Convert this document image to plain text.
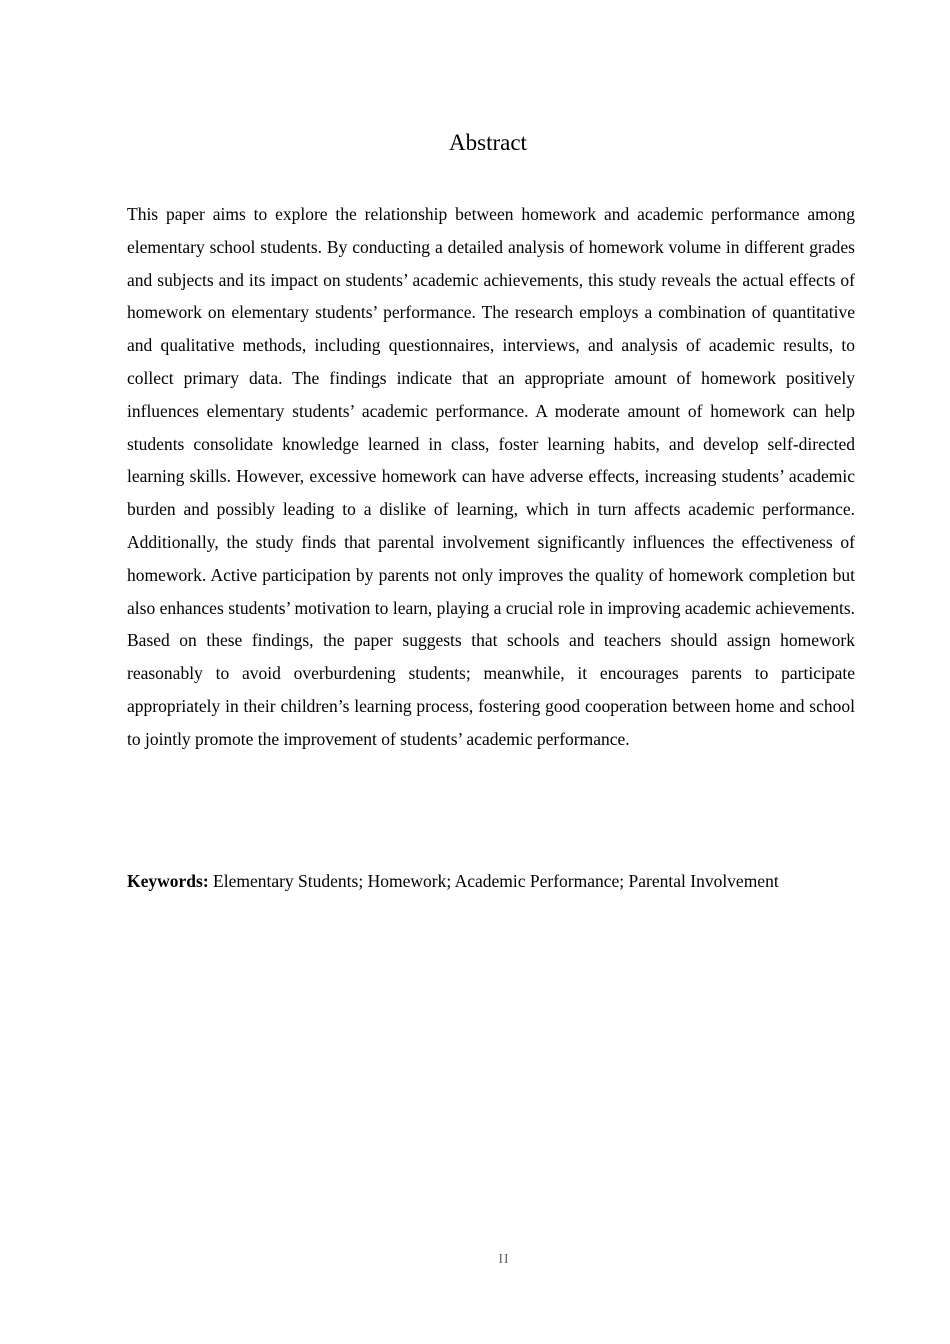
Abstract

This paper aims to explore the relationship between homework and academic performance among elementary school students. By conducting a detailed analysis of homework volume in different grades and subjects and its impact on students’ academic achievements, this study reveals the actual effects of homework on elementary students’ performance. The research employs a combination of quantitative and qualitative methods, including questionnaires, interviews, and analysis of academic results, to collect primary data. The findings indicate that an appropriate amount of homework positively influences elementary students’ academic performance. A moderate amount of homework can help students consolidate knowledge learned in class, foster learning habits, and develop self-directed learning skills. However, excessive homework can have adverse effects, increasing students’ academic burden and possibly leading to a dislike of learning, which in turn affects academic performance. Additionally, the study finds that parental involvement significantly influences the effectiveness of homework. Active participation by parents not only improves the quality of homework completion but also enhances students’ motivation to learn, playing a crucial role in improving academic achievements. Based on these findings, the paper suggests that schools and teachers should assign homework reasonably to avoid overburdening students; meanwhile, it encourages parents to participate appropriately in their children’s learning process, fostering good cooperation between home and school to jointly promote the improvement of students’ academic performance.

Keywords: Elementary Students; Homework; Academic Performance; Parental Involvement

II
